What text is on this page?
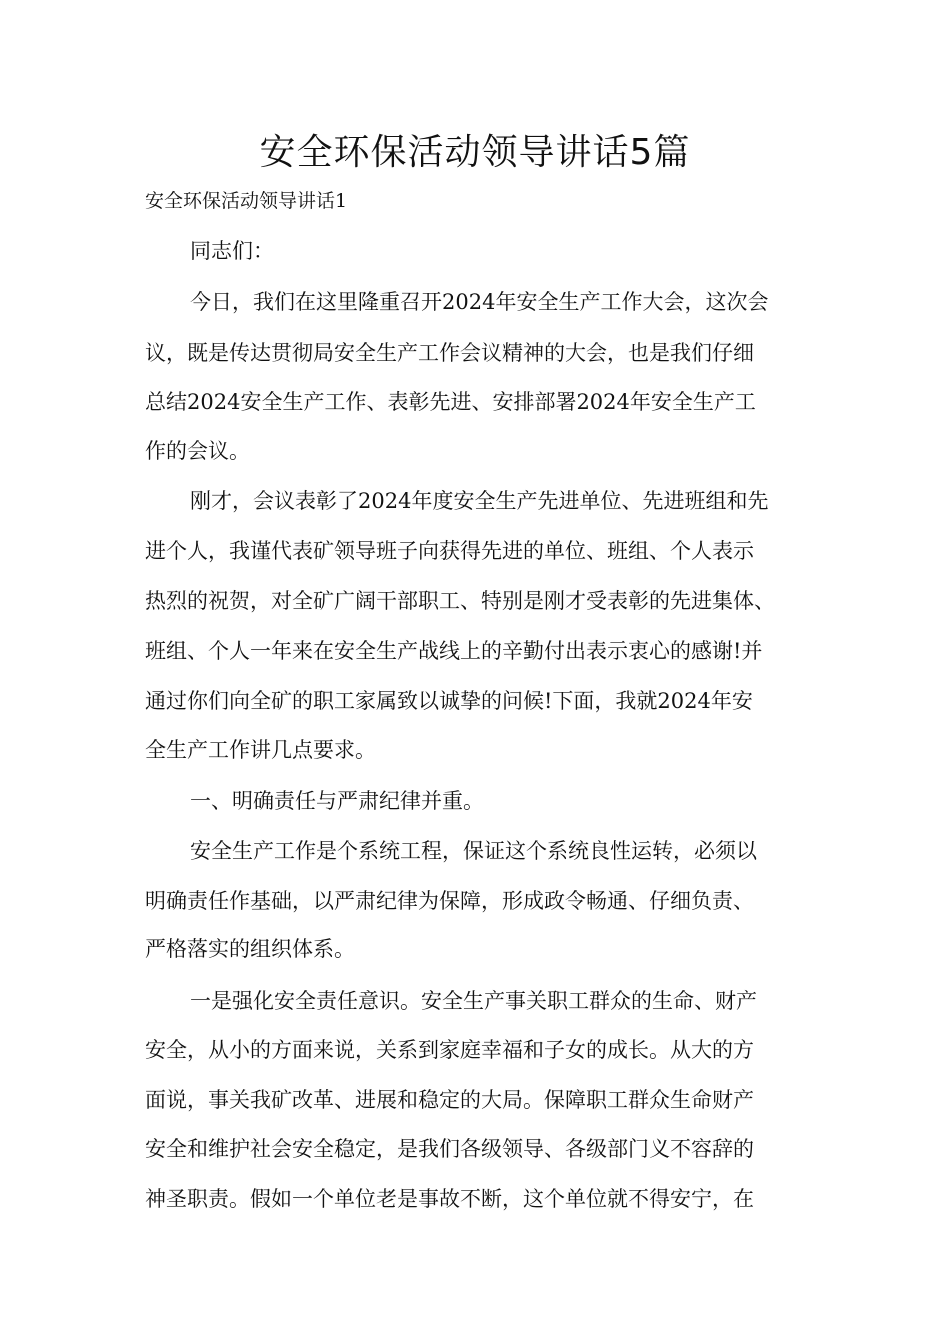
安全环保活动领导讲话5篇

安全环保活动领导讲话1

同志们：

今日，我们在这里隆重召开2024年安全生产工作大会，这次会

议，既是传达贯彻局安全生产工作会议精神的大会，也是我们仔细

总结2024安全生产工作、表彰先进、安排部署2024年安全生产工

作的会议。

刚才，会议表彰了2024年度安全生产先进单位、先进班组和先

进个人，我谨代表矿领导班子向获得先进的单位、班组、个人表示

热烈的祝贺，对全矿广阔干部职工、特别是刚才受表彰的先进集体、

班组、个人一年来在安全生产战线上的辛勤付出表示衷心的感谢!并

通过你们向全矿的职工家属致以诚挚的问候!下面，我就2024年安

全生产工作讲几点要求。

一、明确责任与严肃纪律并重。

安全生产工作是个系统工程，保证这个系统良性运转，必须以

明确责任作基础，以严肃纪律为保障，形成政令畅通、仔细负责、

严格落实的组织体系。

一是强化安全责任意识。安全生产事关职工群众的生命、财产

安全，从小的方面来说，关系到家庭幸福和子女的成长。从大的方

面说，事关我矿改革、进展和稳定的大局。保障职工群众生命财产

安全和维护社会安全稳定，是我们各级领导、各级部门义不容辞的

神圣职责。假如一个单位老是事故不断，这个单位就不得安宁，在
